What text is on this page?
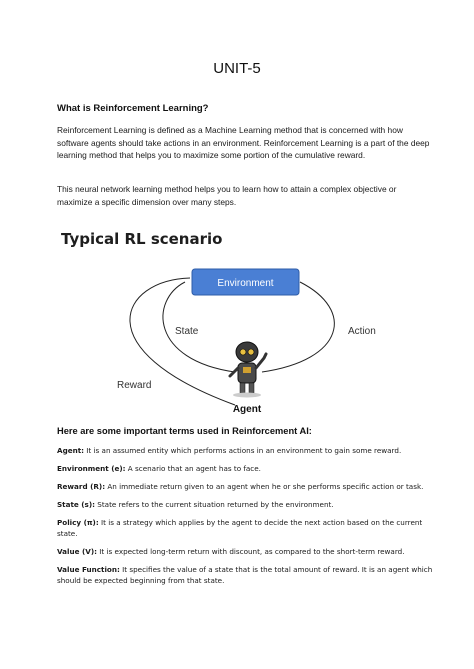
UNIT-5
What is Reinforcement Learning?

Reinforcement Learning is defined as a Machine Learning method that is concerned with how software agents should take actions in an environment. Reinforcement Learning is a part of the deep learning method that helps you to maximize some portion of the cumulative reward.

This neural network learning method helps you to learn how to attain a complex objective or maximize a specific dimension over many steps.

Typical RL scenario
Environment
State	Action
Reward
Agent
Here are some important terms used in Reinforcement AI:
Agent: It is an assumed entity which performs actions in an environment to gain some reward.
Environment (e): A scenario that an agent has to face.
Reward (R): An immediate return given to an agent when he or she performs specific action or task.
State (s): State refers to the current situation returned by the environment.
Policy (π): It is a strategy which applies by the agent to decide the next action based on the current state.
Value (V): It is expected long-term return with discount, as compared to the short-term reward.
Value Function: It specifies the value of a state that is the total amount of reward. It is an agent which should be expected beginning from that state.
